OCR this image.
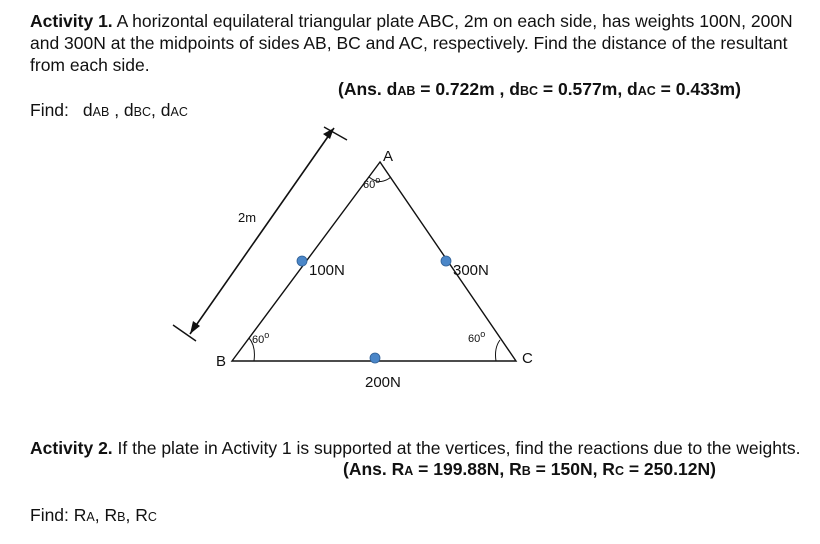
Activity 1. A horizontal equilateral triangular plate ABC, 2m on each side, has weights 100N, 200N and 300N at the midpoints of sides AB, BC and AC, respectively. Find the distance of the resultant from each side.
(Ans. dAB = 0.722m , dBC = 0.577m, dAC = 0.433m)
Find: dAB , dBC, dAC
2m
A
B	C
60$^o$
60$^o$	60$^o$
100N	300N
200N
Activity 2. If the plate in Activity 1 is supported at the vertices, find the reactions due to the weights.
(Ans. RA = 199.88N, RB = 150N, RC = 250.12N)
Find: RA, RB, RC
